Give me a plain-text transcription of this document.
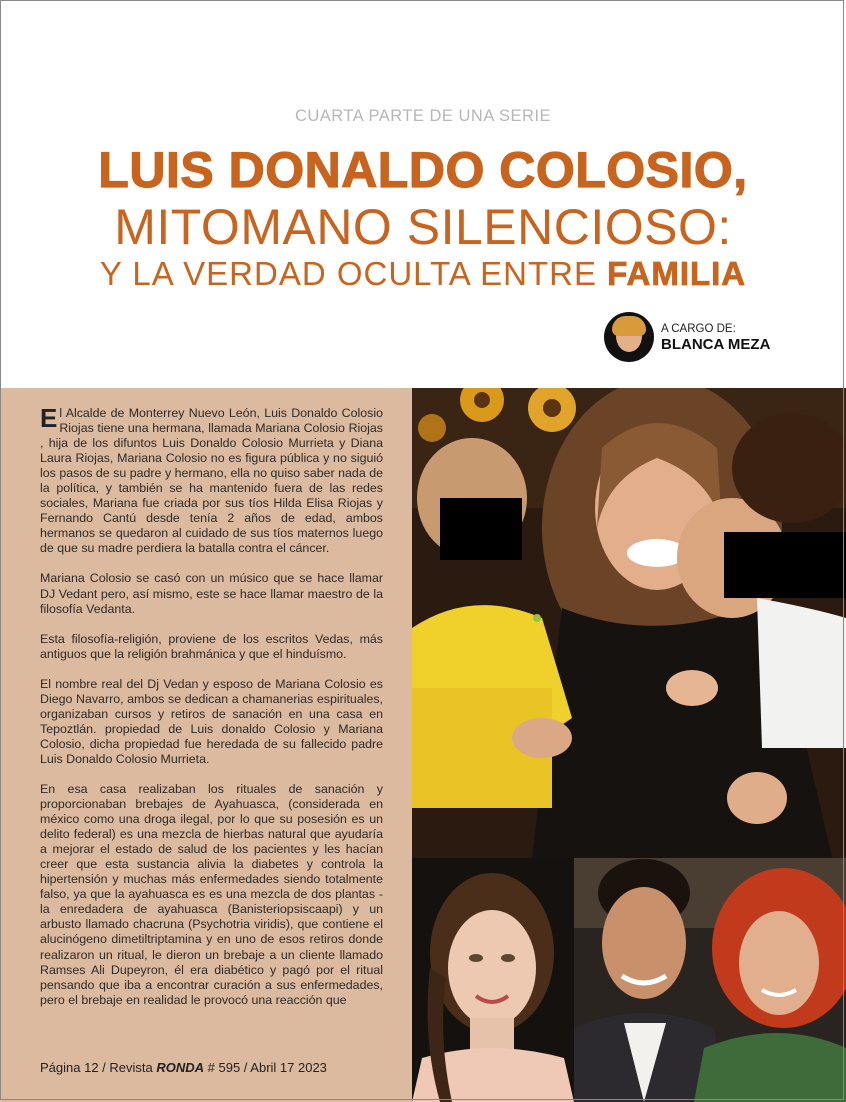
CUARTA PARTE DE UNA SERIE
LUIS DONALDO COLOSIO,
MITOMANO SILENCIOSO:
Y LA VERDAD OCULTA ENTRE FAMILIA
A CARGO DE:
BLANCA MEZA

El Alcalde de Monterrey Nuevo León, Luis Donaldo Colosio Riojas tiene una hermana, llamada Mariana Colosio Riojas , hija de los difuntos Luis Donaldo Colosio Murrieta y Diana Laura Riojas, Mariana Colosio no es figura pública y no siguió los pasos de su padre y hermano, ella no quiso saber nada de la política, y también se ha mantenido fuera de las redes sociales, Mariana fue criada por sus tíos Hilda Elisa Riojas y Fernando Cantú desde tenía 2 años de edad, ambos hermanos se quedaron al cuidado de sus tíos maternos luego de que su madre perdiera la batalla contra el cáncer.

Mariana Colosio se casó con un músico que se hace llamar DJ Vedant pero, así mismo, este se hace llamar maestro de la filosofía Vedanta.

Esta filosofía-religión, proviene de los escritos Vedas, más antiguos que la religión brahmánica y que el hinduísmo.

El nombre real del Dj Vedan y esposo de Mariana Colosio es Diego Navarro, ambos se dedican a chamanerias espirituales, organizaban cursos y retiros de sanación en una casa en Tepoztlán. propiedad de Luis donaldo Colosio y Mariana Colosio, dicha propiedad fue heredada de su fallecido padre Luis Donaldo Colosio Murrieta.

En esa casa realizaban los rituales de sanación y proporcionaban brebajes de Ayahuasca, (considerada en méxico como una droga ilegal, por lo que su posesión es un delito federal) es una mezcla de hierbas natural que ayudaría a mejorar el estado de salud de los pacientes y les hacían creer que esta sustancia alivia la diabetes y controla la hipertensión y muchas más enfermedades siendo totalmente falso, ya que la ayahuasca es es una mezcla de dos plantas -la enredadera de ayahuasca (Banisteriopsiscaapi) y un arbusto llamado chacruna (Psychotria viridis), que contiene el alucinógeno dimetiltriptamina y en uno de esos retiros donde realizaron un ritual, le dieron un brebaje a un cliente llamado Ramses Ali Dupeyron, él era diabético y pagó por el ritual pensando que iba a encontrar curación a sus enfermedades, pero el brebaje en realidad le provocó una reacción que

Página 12 / Revista RONDA # 595 / Abril 17 2023
